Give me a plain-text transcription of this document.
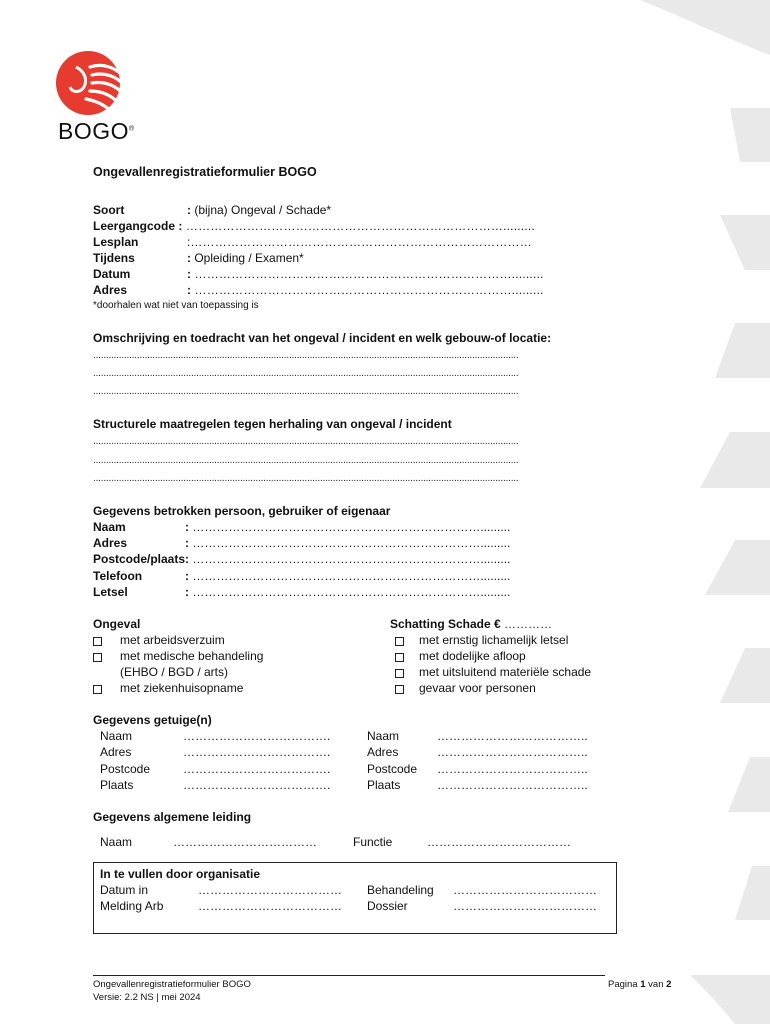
BOGO®
Ongevallenregistratieformulier BOGO
Soort	: (bijna) Ongeval / Schade*
Leergangcode : …………………………………………………………………….........
Lesplan	:…………………………………………………………………………
Tijdens	: Opleiding / Examen*
Datum	: …………………………………………………………………….........
Adres	: …………………………………………………………………….........
*doorhalen wat niet van toepassing is
Omschrijving en toedracht van het ongeval / incident en welk gebouw-of locatie:
.....................................................................................................................................................................
.....................................................................................................................................................................
.....................................................................................................................................................................
Structurele maatregelen tegen herhaling van ongeval / incident
.....................................................................................................................................................................
.....................................................................................................................................................................
.....................................................................................................................................................................
Gegevens betrokken persoon, gebruiker of eigenaar
Naam	: ……………………………………………………………….........
Adres	: ……………………………………………………………….........
Postcode/plaats: ……………………………………………………………….........
Telefoon	: ……………………………………………………………….........
Letsel	: ……………………………………………………………….........
Ongeval
met arbeidsverzuim
met medische behandeling
(EHBO / BGD / arts)
met ziekenhuisopname
Schatting Schade € …………
met ernstig lichamelijk letsel
met dodelijke afloop
met uitsluitend materiële schade
gevaar voor personen
Gegevens getuige(n)
Naam	……………………………….
Adres	……………………………….
Postcode	……………………………….
Plaats	……………………………….
Naam	………………………………..
Adres	………………………………..
Postcode ………………………………..
Plaats	………………………………..
Gegevens algemene leiding
Naam	………………………………	Functie	………………………………
In te vullen door organisatie
Datum in	………………………………
Melding Arb	………………………………
Behandeling ………………………………
Dossier	………………………………
Ongevallenregistratieformulier BOGO
Versie: 2.2 NS | mei 2024
Pagina 1 van 2
